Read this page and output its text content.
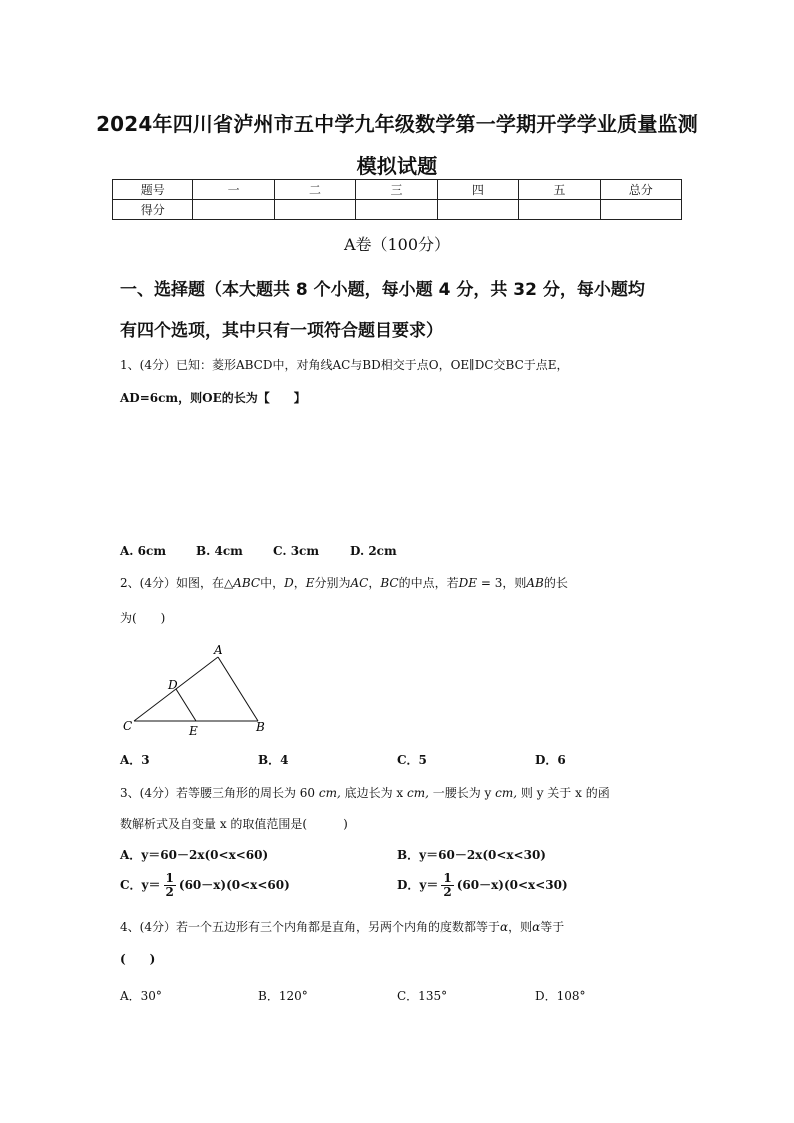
2024年四川省泸州市五中学九年级数学第一学期开学学业质量监测
模拟试题
题号	一	二	三	四	五	总分
得分						
A卷（100分）
一、选择题（本大题共 8 个小题，每小题 4 分，共 32 分，每小题均
有四个选项，其中只有一项符合题目要求）
1、(4分）已知：菱形ABCD中，对角线AC与BD相交于点O，OE∥DC交BC于点E，
AD=6cm，则OE的长为【　　】
A. 6cm B. 4cm	C. 3cm	D. 2cm
2、(4分）如图，在△ABC中，D，E分别为AC，BC的中点，若DE = 3，则AB的长
为(　　)
A
B
C
D
E
A．3	B．4	C．5	D．6
3、(4分）若等腰三角形的周长为 60 cm, 底边长为 x cm, 一腰长为 y cm, 则 y 关于 x 的函
数解析式及自变量 x 的取值范围是(　　　)
A．y＝60－2x(0<x<60)	B．y＝60－2x(0<x<30)
C．$y= \frac{1}{2} (60-x)(0<x<60)$	D．$y= \frac{1}{2} (60-x)(0<x<30)$
4、(4分）若一个五边形有三个内角都是直角，另两个内角的度数都等于α，则α等于
(　　)
A．30°	B．120°	C．135°	D．108°
